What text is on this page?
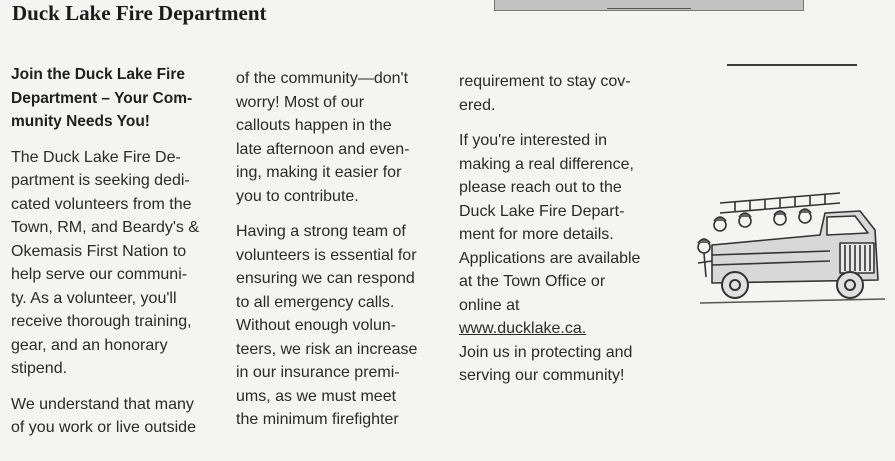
Duck Lake Fire Department
Join the Duck Lake Fire
Department – Your Com-
munity Needs You!
The Duck Lake Fire De-
partment is seeking dedi-
cated volunteers from the
Town, RM, and Beardy's &
Okemasis First Nation to
help serve our communi-
ty. As a volunteer, you'll
receive thorough training,
gear, and an honorary
stipend.
We understand that many
of you work or live outside
of the community—don't
worry! Most of our
callouts happen in the
late afternoon and even-
ing, making it easier for
you to contribute.
Having a strong team of
volunteers is essential for
ensuring we can respond
to all emergency calls.
Without enough volun-
teers, we risk an increase
in our insurance premi-
ums, as we must meet
the minimum firefighter
requirement to stay cov-
ered.
If you're interested in
making a real difference,
please reach out to the
Duck Lake Fire Depart-
ment for more details.
Applications are available
at the Town Office or
online at
www.ducklake.ca.
Join us in protecting and
serving our community!
